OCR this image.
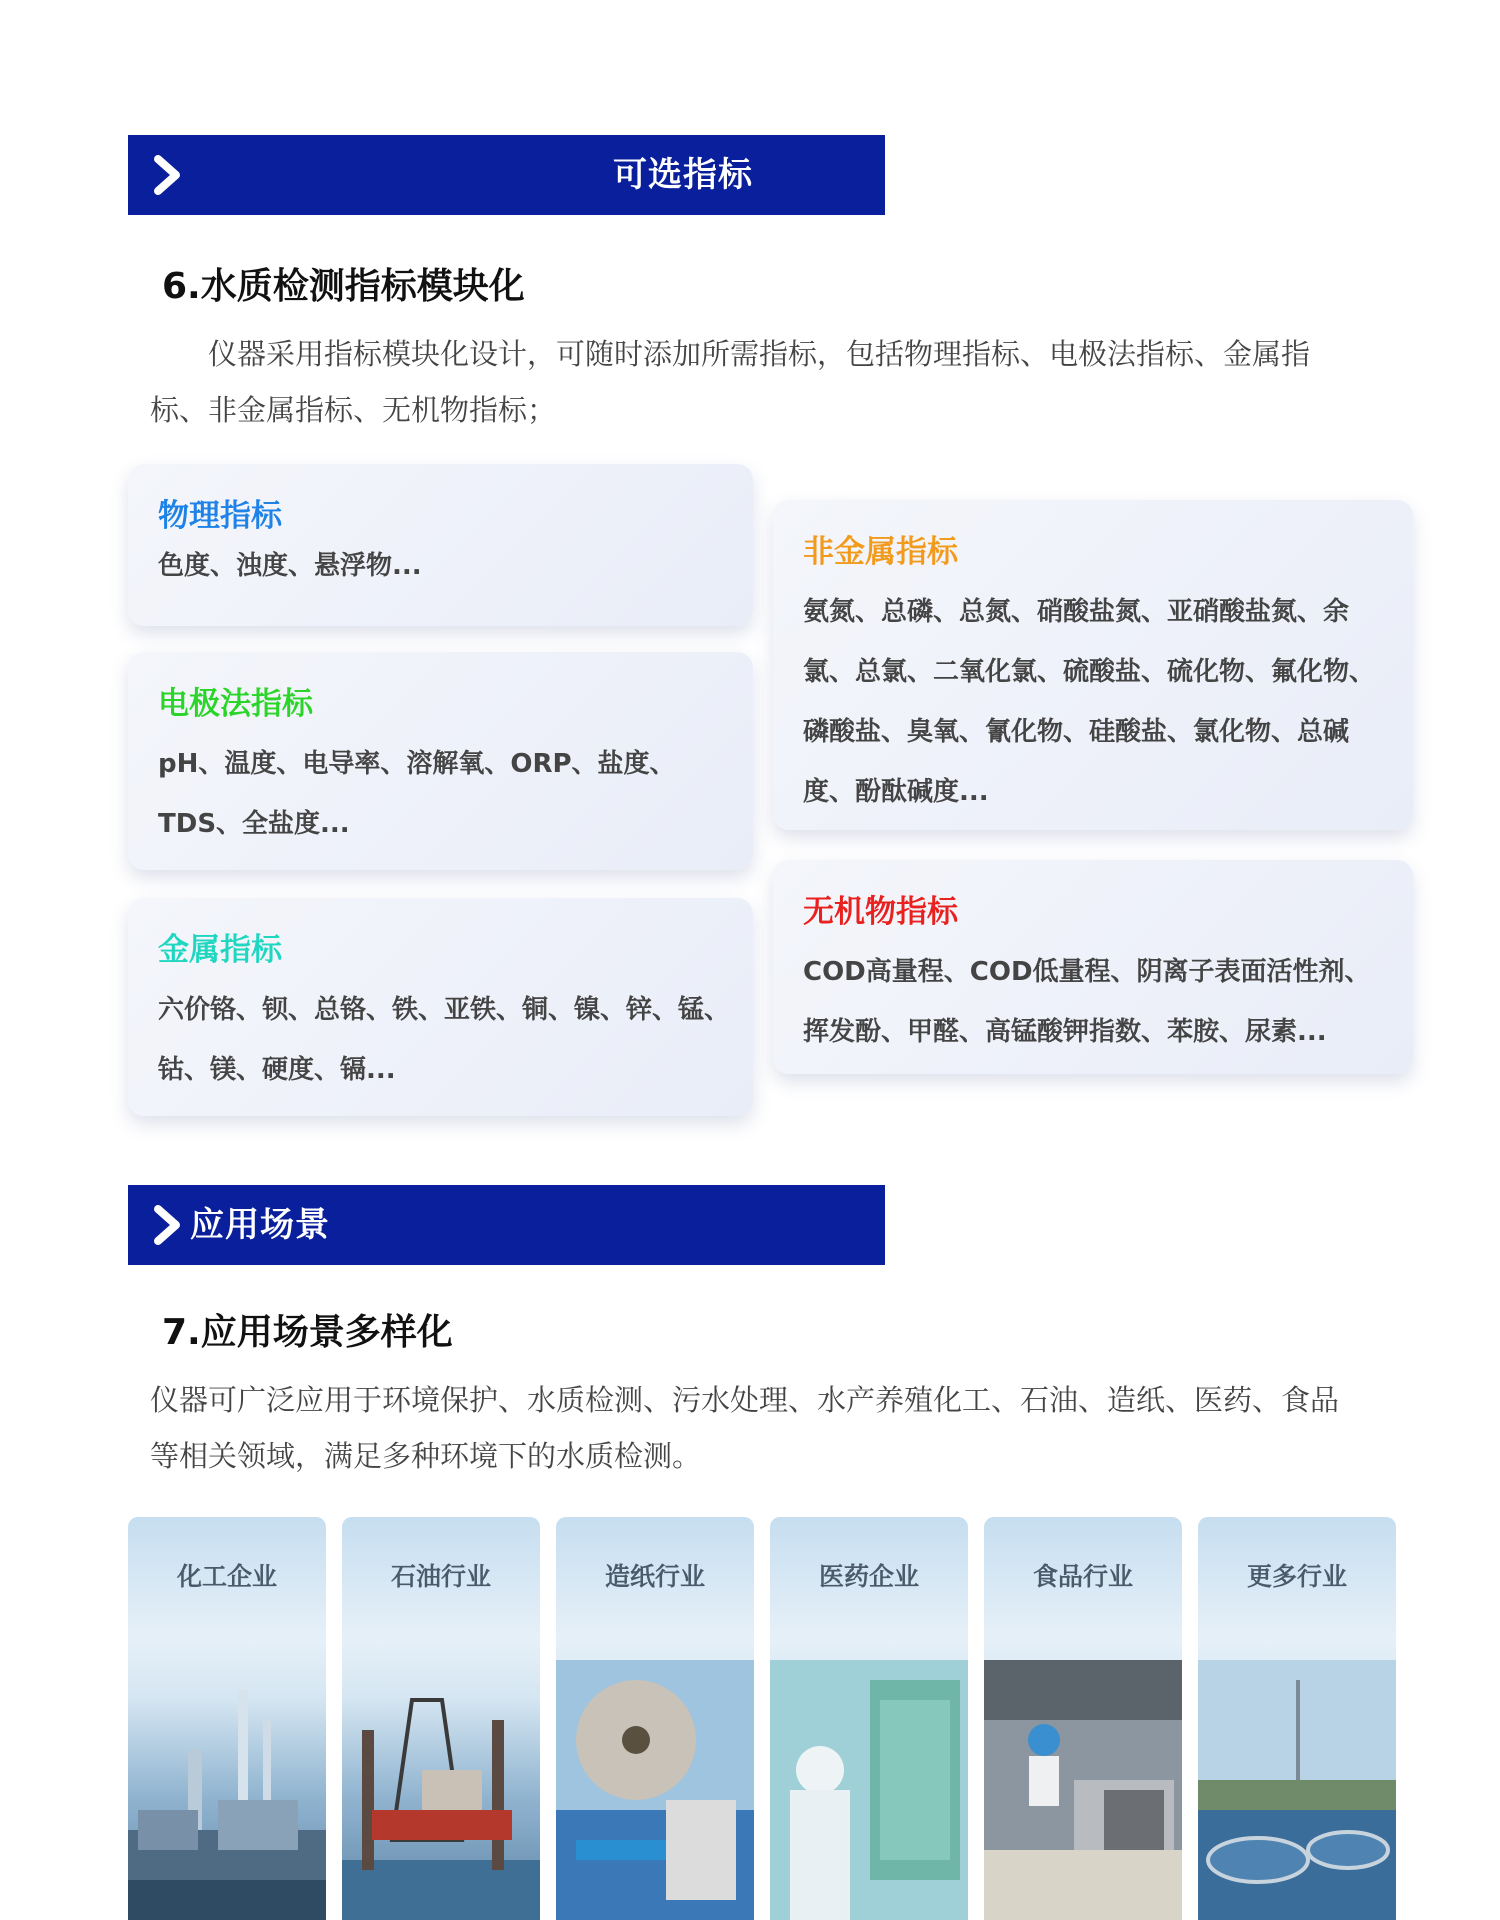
可选指标
6.水质检测指标模块化
仪器采用指标模块化设计，可随时添加所需指标，包括物理指标、电极法指标、金属指标、非金属指标、无机物指标；
物理指标

色度、浊度、悬浮物...

电极法指标

pH、温度、电导率、溶解氧、ORP、盐度、TDS、全盐度...

金属指标

六价铬、钡、总铬、铁、亚铁、铜、镍、锌、锰、钴、镁、硬度、镉...

非金属指标

氨氮、总磷、总氮、硝酸盐氮、亚硝酸盐氮、余氯、总氯、二氧化氯、硫酸盐、硫化物、氟化物、磷酸盐、臭氧、氰化物、硅酸盐、氯化物、总碱度、酚酞碱度...

无机物指标

COD高量程、COD低量程、阴离子表面活性剂、挥发酚、甲醛、高锰酸钾指数、苯胺、尿素...

应用场景
7.应用场景多样化
仪器可广泛应用于环境保护、水质检测、污水处理、水产养殖化工、石油、造纸、医药、食品等相关领域，满足多种环境下的水质检测。
化工企业	石油行业	造纸行业	医药企业	食品行业	更多行业
